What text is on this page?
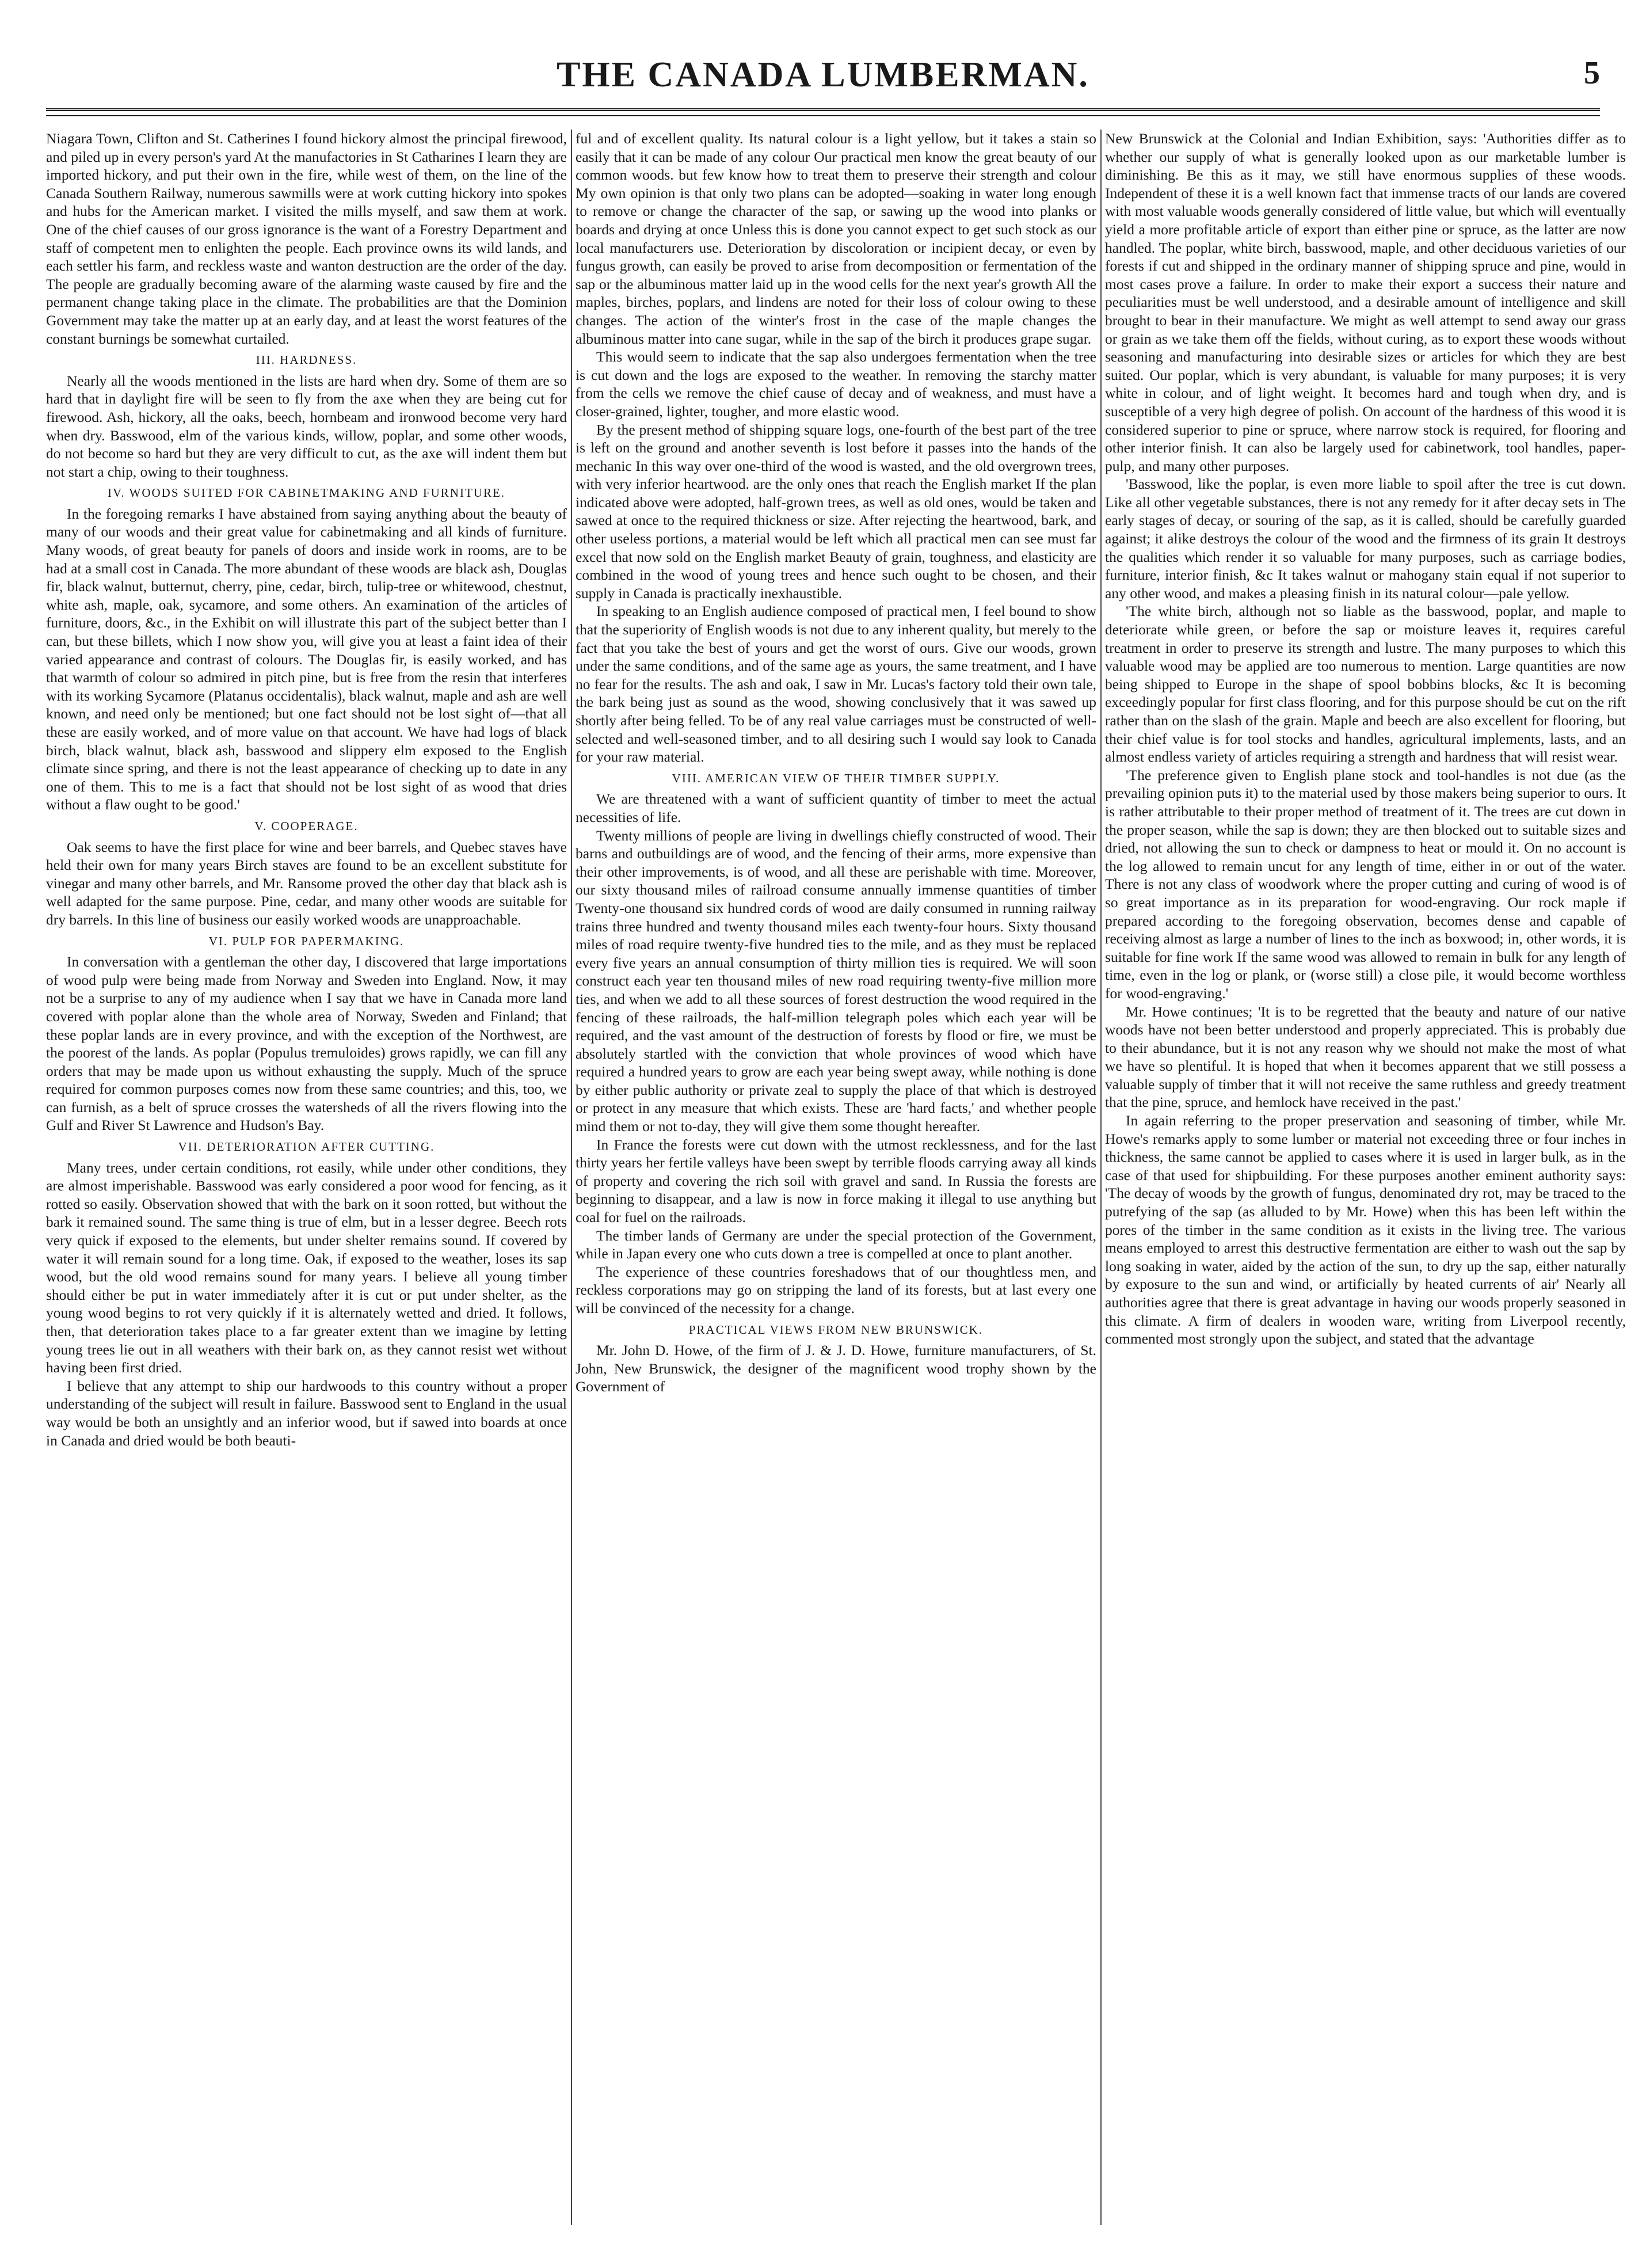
THE CANADA LUMBERMAN.	5

Niagara Town, Clifton and St. Catherines I found hickory almost the principal firewood, and piled up in every person's yard At the manufactories in St Catharines I learn they are imported hickory, and put their own in the fire, while west of them, on the line of the Canada Southern Railway, numerous sawmills were at work cutting hickory into spokes and hubs for the American market. I visited the mills myself, and saw them at work. One of the chief causes of our gross ignorance is the want of a Forestry Department and staff of competent men to enlighten the people. Each province owns its wild lands, and each settler his farm, and reckless waste and wanton destruction are the order of the day. The people are gradually becoming aware of the alarming waste caused by fire and the permanent change taking place in the climate. The probabilities are that the Dominion Government may take the matter up at an early day, and at least the worst features of the constant burnings be somewhat curtailed.

III. HARDNESS.

Nearly all the woods mentioned in the lists are hard when dry. Some of them are so hard that in daylight fire will be seen to fly from the axe when they are being cut for firewood. Ash, hickory, all the oaks, beech, hornbeam and ironwood become very hard when dry. Basswood, elm of the various kinds, willow, poplar, and some other woods, do not become so hard but they are very difficult to cut, as the axe will indent them but not start a chip, owing to their toughness.

IV. WOODS SUITED FOR CABINETMAKING AND FURNITURE.

In the foregoing remarks I have abstained from saying anything about the beauty of many of our woods and their great value for cabinetmaking and all kinds of furniture. Many woods, of great beauty for panels of doors and inside work in rooms, are to be had at a small cost in Canada. The more abundant of these woods are black ash, Douglas fir, black walnut, butternut, cherry, pine, cedar, birch, tulip-tree or whitewood, chestnut, white ash, maple, oak, sycamore, and some others. An examination of the articles of furniture, doors, &c., in the Exhibit on will illustrate this part of the subject better than I can, but these billets, which I now show you, will give you at least a faint idea of their varied appearance and contrast of colours. The Douglas fir, is easily worked, and has that warmth of colour so admired in pitch pine, but is free from the resin that interferes with its working Sycamore (Platanus occidentalis), black walnut, maple and ash are well known, and need only be mentioned; but one fact should not be lost sight of—that all these are easily worked, and of more value on that account. We have had logs of black birch, black walnut, black ash, basswood and slippery elm exposed to the English climate since spring, and there is not the least appearance of checking up to date in any one of them. This to me is a fact that should not be lost sight of as wood that dries without a flaw ought to be good.'

V. COOPERAGE.

Oak seems to have the first place for wine and beer barrels, and Quebec staves have held their own for many years Birch staves are found to be an excellent substitute for vinegar and many other barrels, and Mr. Ransome proved the other day that black ash is well adapted for the same purpose. Pine, cedar, and many other woods are suitable for dry barrels. In this line of business our easily worked woods are unapproachable.

VI. PULP FOR PAPERMAKING.

In conversation with a gentleman the other day, I discovered that large importations of wood pulp were being made from Norway and Sweden into England. Now, it may not be a surprise to any of my audience when I say that we have in Canada more land covered with poplar alone than the whole area of Norway, Sweden and Finland; that these poplar lands are in every province, and with the exception of the Northwest, are the poorest of the lands. As poplar (Populus tremuloides) grows rapidly, we can fill any orders that may be made upon us without exhausting the supply. Much of the spruce required for common purposes comes now from these same countries; and this, too, we can furnish, as a belt of spruce crosses the watersheds of all the rivers flowing into the Gulf and River St Lawrence and Hudson's Bay.

VII. DETERIORATION AFTER CUTTING.

Many trees, under certain conditions, rot easily, while under other conditions, they are almost imperishable. Basswood was early considered a poor wood for fencing, as it rotted so easily. Observation showed that with the bark on it soon rotted, but without the bark it remained sound. The same thing is true of elm, but in a lesser degree. Beech rots very quick if exposed to the elements, but under shelter remains sound. If covered by water it will remain sound for a long time. Oak, if exposed to the weather, loses its sap wood, but the old wood remains sound for many years. I believe all young timber should either be put in water immediately after it is cut or put under shelter, as the young wood begins to rot very quickly if it is alternately wetted and dried. It follows, then, that deterioration takes place to a far greater extent than we imagine by letting young trees lie out in all weathers with their bark on, as they cannot resist wet without having been first dried.

I believe that any attempt to ship our hardwoods to this country without a proper understanding of the subject will result in failure. Basswood sent to England in the usual way would be both an unsightly and an inferior wood, but if sawed into boards at once in Canada and dried would be both beauti-

ful and of excellent quality. Its natural colour is a light yellow, but it takes a stain so easily that it can be made of any colour Our practical men know the great beauty of our common woods. but few know how to treat them to preserve their strength and colour My own opinion is that only two plans can be adopted—soaking in water long enough to remove or change the character of the sap, or sawing up the wood into planks or boards and drying at once Unless this is done you cannot expect to get such stock as our local manufacturers use. Deterioration by discoloration or incipient decay, or even by fungus growth, can easily be proved to arise from decomposition or fermentation of the sap or the albuminous matter laid up in the wood cells for the next year's growth All the maples, birches, poplars, and lindens are noted for their loss of colour owing to these changes. The action of the winter's frost in the case of the maple changes the albuminous matter into cane sugar, while in the sap of the birch it produces grape sugar.

This would seem to indicate that the sap also undergoes fermentation when the tree is cut down and the logs are exposed to the weather. In removing the starchy matter from the cells we remove the chief cause of decay and of weakness, and must have a closer-grained, lighter, tougher, and more elastic wood.

By the present method of shipping square logs, one-fourth of the best part of the tree is left on the ground and another seventh is lost before it passes into the hands of the mechanic In this way over one-third of the wood is wasted, and the old overgrown trees, with very inferior heartwood. are the only ones that reach the English market If the plan indicated above were adopted, half-grown trees, as well as old ones, would be taken and sawed at once to the required thickness or size. After rejecting the heartwood, bark, and other useless portions, a material would be left which all practical men can see must far excel that now sold on the English market Beauty of grain, toughness, and elasticity are combined in the wood of young trees and hence such ought to be chosen, and their supply in Canada is practically inexhaustible.

In speaking to an English audience composed of practical men, I feel bound to show that the superiority of English woods is not due to any inherent quality, but merely to the fact that you take the best of yours and get the worst of ours. Give our woods, grown under the same conditions, and of the same age as yours, the same treatment, and I have no fear for the results. The ash and oak, I saw in Mr. Lucas's factory told their own tale, the bark being just as sound as the wood, showing conclusively that it was sawed up shortly after being felled. To be of any real value carriages must be constructed of well-selected and well-seasoned timber, and to all desiring such I would say look to Canada for your raw material.

VIII. AMERICAN VIEW OF THEIR TIMBER SUPPLY.

We are threatened with a want of sufficient quantity of timber to meet the actual necessities of life.

Twenty millions of people are living in dwellings chiefly constructed of wood. Their barns and outbuildings are of wood, and the fencing of their arms, more expensive than their other improvements, is of wood, and all these are perishable with time. Moreover, our sixty thousand miles of railroad consume annually immense quantities of timber Twenty-one thousand six hundred cords of wood are daily consumed in running railway trains three hundred and twenty thousand miles each twenty-four hours. Sixty thousand miles of road require twenty-five hundred ties to the mile, and as they must be replaced every five years an annual consumption of thirty million ties is required. We will soon construct each year ten thousand miles of new road requiring twenty-five million more ties, and when we add to all these sources of forest destruction the wood required in the fencing of these railroads, the half-million telegraph poles which each year will be required, and the vast amount of the destruction of forests by flood or fire, we must be absolutely startled with the conviction that whole provinces of wood which have required a hundred years to grow are each year being swept away, while nothing is done by either public authority or private zeal to supply the place of that which is destroyed or protect in any measure that which exists. These are 'hard facts,' and whether people mind them or not to-day, they will give them some thought hereafter.

In France the forests were cut down with the utmost recklessness, and for the last thirty years her fertile valleys have been swept by terrible floods carrying away all kinds of property and covering the rich soil with gravel and sand. In Russia the forests are beginning to disappear, and a law is now in force making it illegal to use anything but coal for fuel on the railroads.

The timber lands of Germany are under the special protection of the Government, while in Japan every one who cuts down a tree is compelled at once to plant another.

The experience of these countries foreshadows that of our thoughtless men, and reckless corporations may go on stripping the land of its forests, but at last every one will be convinced of the necessity for a change.

PRACTICAL VIEWS FROM NEW BRUNSWICK.

Mr. John D. Howe, of the firm of J. & J. D. Howe, furniture manufacturers, of St. John, New Brunswick, the designer of the magnificent wood trophy shown by the Government of

New Brunswick at the Colonial and Indian Exhibition, says: 'Authorities differ as to whether our supply of what is generally looked upon as our marketable lumber is diminishing. Be this as it may, we still have enormous supplies of these woods. Independent of these it is a well known fact that immense tracts of our lands are covered with most valuable woods generally considered of little value, but which will eventually yield a more profitable article of export than either pine or spruce, as the latter are now handled. The poplar, white birch, basswood, maple, and other deciduous varieties of our forests if cut and shipped in the ordinary manner of shipping spruce and pine, would in most cases prove a failure. In order to make their export a success their nature and peculiarities must be well understood, and a desirable amount of intelligence and skill brought to bear in their manufacture. We might as well attempt to send away our grass or grain as we take them off the fields, without curing, as to export these woods without seasoning and manufacturing into desirable sizes or articles for which they are best suited. Our poplar, which is very abundant, is valuable for many purposes; it is very white in colour, and of light weight. It becomes hard and tough when dry, and is susceptible of a very high degree of polish. On account of the hardness of this wood it is considered superior to pine or spruce, where narrow stock is required, for flooring and other interior finish. It can also be largely used for cabinetwork, tool handles, paper-pulp, and many other purposes.

'Basswood, like the poplar, is even more liable to spoil after the tree is cut down. Like all other vegetable substances, there is not any remedy for it after decay sets in The early stages of decay, or souring of the sap, as it is called, should be carefully guarded against; it alike destroys the colour of the wood and the firmness of its grain It destroys the qualities which render it so valuable for many purposes, such as carriage bodies, furniture, interior finish, &c It takes walnut or mahogany stain equal if not superior to any other wood, and makes a pleasing finish in its natural colour—pale yellow.

'The white birch, although not so liable as the basswood, poplar, and maple to deteriorate while green, or before the sap or moisture leaves it, requires careful treatment in order to preserve its strength and lustre. The many purposes to which this valuable wood may be applied are too numerous to mention. Large quantities are now being shipped to Europe in the shape of spool bobbins blocks, &c It is becoming exceedingly popular for first class flooring, and for this purpose should be cut on the rift rather than on the slash of the grain. Maple and beech are also excellent for flooring, but their chief value is for tool stocks and handles, agricultural implements, lasts, and an almost endless variety of articles requiring a strength and hardness that will resist wear.

'The preference given to English plane stock and tool-handles is not due (as the prevailing opinion puts it) to the material used by those makers being superior to ours. It is rather attributable to their proper method of treatment of it. The trees are cut down in the proper season, while the sap is down; they are then blocked out to suitable sizes and dried, not allowing the sun to check or dampness to heat or mould it. On no account is the log allowed to remain uncut for any length of time, either in or out of the water. There is not any class of woodwork where the proper cutting and curing of wood is of so great importance as in its preparation for wood-engraving. Our rock maple if prepared according to the foregoing observation, becomes dense and capable of receiving almost as large a number of lines to the inch as boxwood; in, other words, it is suitable for fine work If the same wood was allowed to remain in bulk for any length of time, even in the log or plank, or (worse still) a close pile, it would become worthless for wood-engraving.'

Mr. Howe continues; 'It is to be regretted that the beauty and nature of our native woods have not been better understood and properly appreciated. This is probably due to their abundance, but it is not any reason why we should not make the most of what we have so plentiful. It is hoped that when it becomes apparent that we still possess a valuable supply of timber that it will not receive the same ruthless and greedy treatment that the pine, spruce, and hemlock have received in the past.'

In again referring to the proper preservation and seasoning of timber, while Mr. Howe's remarks apply to some lumber or material not exceeding three or four inches in thickness, the same cannot be applied to cases where it is used in larger bulk, as in the case of that used for shipbuilding. For these purposes another eminent authority says: 'The decay of woods by the growth of fungus, denominated dry rot, may be traced to the putrefying of the sap (as alluded to by Mr. Howe) when this has been left within the pores of the timber in the same condition as it exists in the living tree. The various means employed to arrest this destructive fermentation are either to wash out the sap by long soaking in water, aided by the action of the sun, to dry up the sap, either naturally by exposure to the sun and wind, or artificially by heated currents of air' Nearly all authorities agree that there is great advantage in having our woods properly seasoned in this climate. A firm of dealers in wooden ware, writing from Liverpool recently, commented most strongly upon the subject, and stated that the advantage
